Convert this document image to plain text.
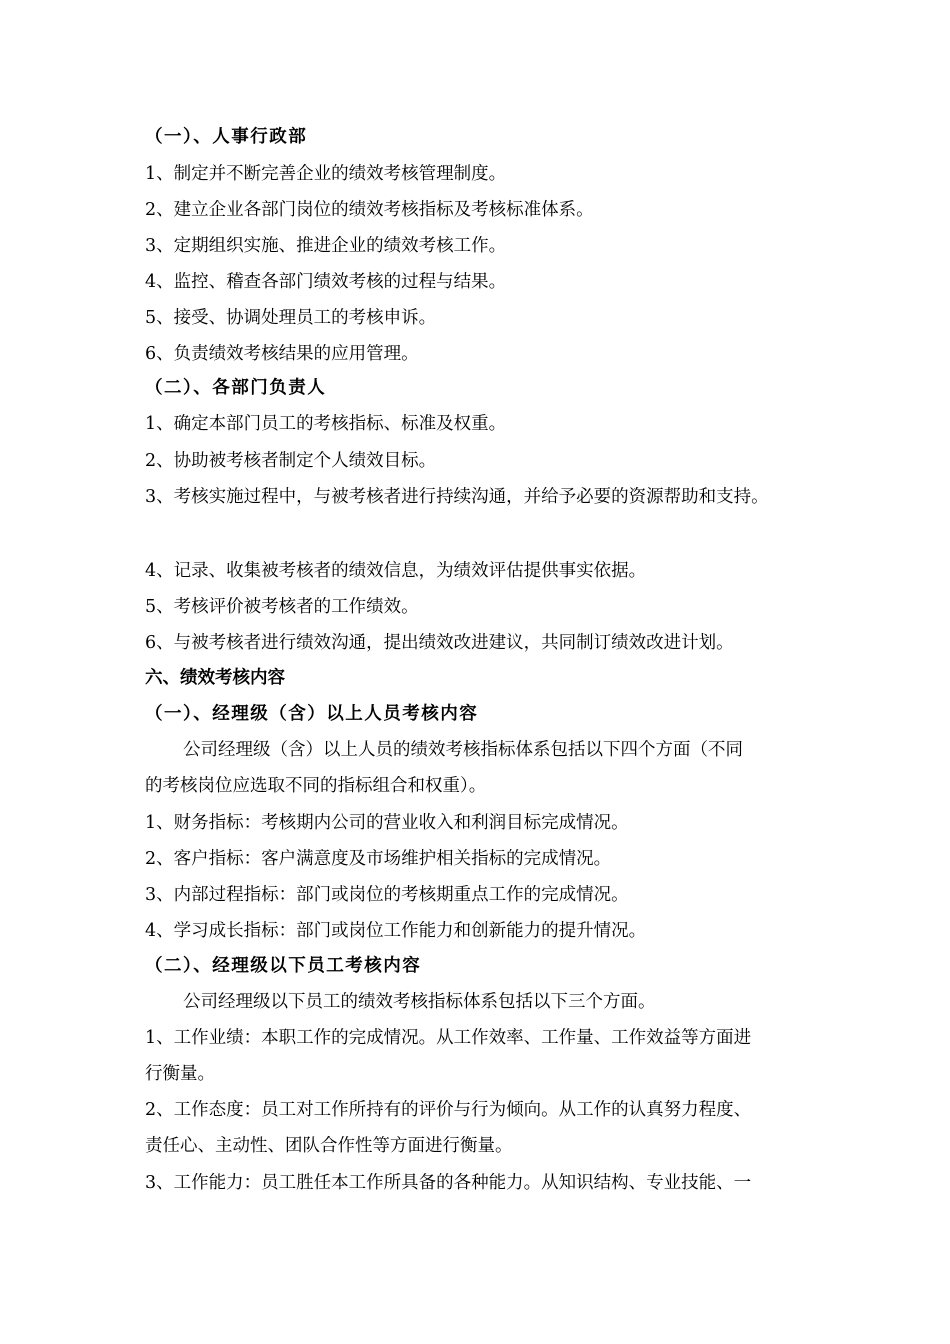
（一）、人事行政部
1、制定并不断完善企业的绩效考核管理制度。
2、建立企业各部门岗位的绩效考核指标及考核标准体系。
3、定期组织实施、推进企业的绩效考核工作。
4、监控、稽查各部门绩效考核的过程与结果。
5、接受、协调处理员工的考核申诉。
6、负责绩效考核结果的应用管理。
（二）、各部门负责人
1、确定本部门员工的考核指标、标准及权重。
2、协助被考核者制定个人绩效目标。
3、考核实施过程中，与被考核者进行持续沟通，并给予必要的资源帮助和支持。
4、记录、收集被考核者的绩效信息，为绩效评估提供事实依据。
5、考核评价被考核者的工作绩效。
6、与被考核者进行绩效沟通，提出绩效改进建议，共同制订绩效改进计划。
六、绩效考核内容
（一）、经理级（含）以上人员考核内容
公司经理级（含）以上人员的绩效考核指标体系包括以下四个方面（不同
的考核岗位应选取不同的指标组合和权重）。
1、财务指标：考核期内公司的营业收入和利润目标完成情况。
2、客户指标：客户满意度及市场维护相关指标的完成情况。
3、内部过程指标：部门或岗位的考核期重点工作的完成情况。
4、学习成长指标：部门或岗位工作能力和创新能力的提升情况。
（二）、经理级以下员工考核内容
公司经理级以下员工的绩效考核指标体系包括以下三个方面。
1、工作业绩：本职工作的完成情况。从工作效率、工作量、工作效益等方面进
行衡量。
2、工作态度：员工对工作所持有的评价与行为倾向。从工作的认真努力程度、
责任心、主动性、团队合作性等方面进行衡量。
3、工作能力：员工胜任本工作所具备的各种能力。从知识结构、专业技能、一
